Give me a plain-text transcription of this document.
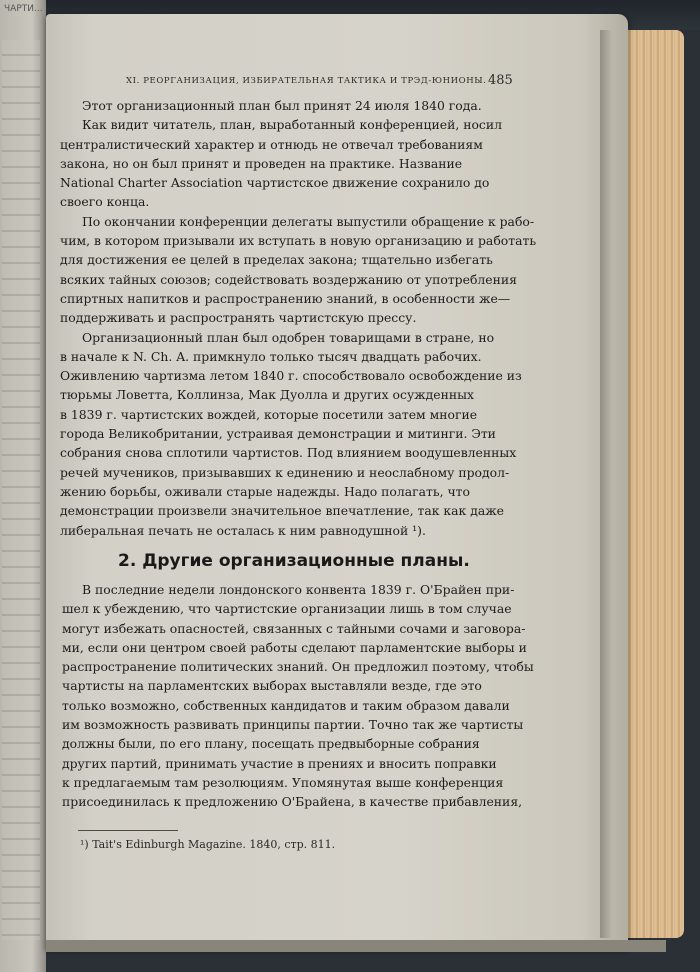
ЧАРТИ...
XI. РЕОРГАНИЗАЦИЯ, ИЗБИРАТЕЛЬНАЯ ТАКТИКА И ТРЭД-ЮНИОНЫ. 485
Этот организационный план был принят 24 июля 1840 года.
Как видит читатель, план, выработанный конференцией, носил
централистический характер и отнюдь не отвечал требованиям
закона, но он был принят и проведен на практике. Название
National Charter Association чартистское движение сохранило до
своего конца.
По окончании конференции делегаты выпустили обращение к рабо-
чим, в котором призывали их вступать в новую организацию и работать
для достижения ее целей в пределах закона; тщательно избегать
всяких тайных союзов; содействовать воздержанию от употребления
спиртных напитков и распространению знаний, в особенности же—
поддерживать и распространять чартистскую прессу.
Организационный план был одобрен товарищами в стране, но
в начале к N. Ch. A. примкнуло только тысяч двадцать рабочих.
Оживлению чартизма летом 1840 г. способствовало освобождение из
тюрьмы Ловетта, Коллинза, Мак Дуолла и других осужденных
в 1839 г. чартистских вождей, которые посетили затем многие
города Великобритании, устраивая демонстрации и митинги. Эти
собрания снова сплотили чартистов. Под влиянием воодушевленных
речей мучеников, призывавших к единению и неослабному продол-
жению борьбы, оживали старые надежды. Надо полагать, что
демонстрации произвели значительное впечатление, так как даже
либеральная печать не осталась к ним равнодушной ¹).
2. Другие организационные планы.
В последние недели лондонского конвента 1839 г. О'Брайен при-
шел к убеждению, что чартистские организации лишь в том случае
могут избежать опасностей, связанных с тайными сочами и заговора-
ми, если они центром своей работы сделают парламентские выборы и
распространение политических знаний. Он предложил поэтому, чтобы
чартисты на парламентских выборах выставляли везде, где это
только возможно, собственных кандидатов и таким образом давали
им возможность развивать принципы партии. Точно так же чартисты
должны были, по его плану, посещать предвыборные собрания
других партий, принимать участие в прениях и вносить поправки
к предлагаемым там резолюциям. Упомянутая выше конференция
присоединилась к предложению О'Брайена, в качестве прибавления,
¹) Tait's Edinburgh Magazine. 1840, стр. 811.
